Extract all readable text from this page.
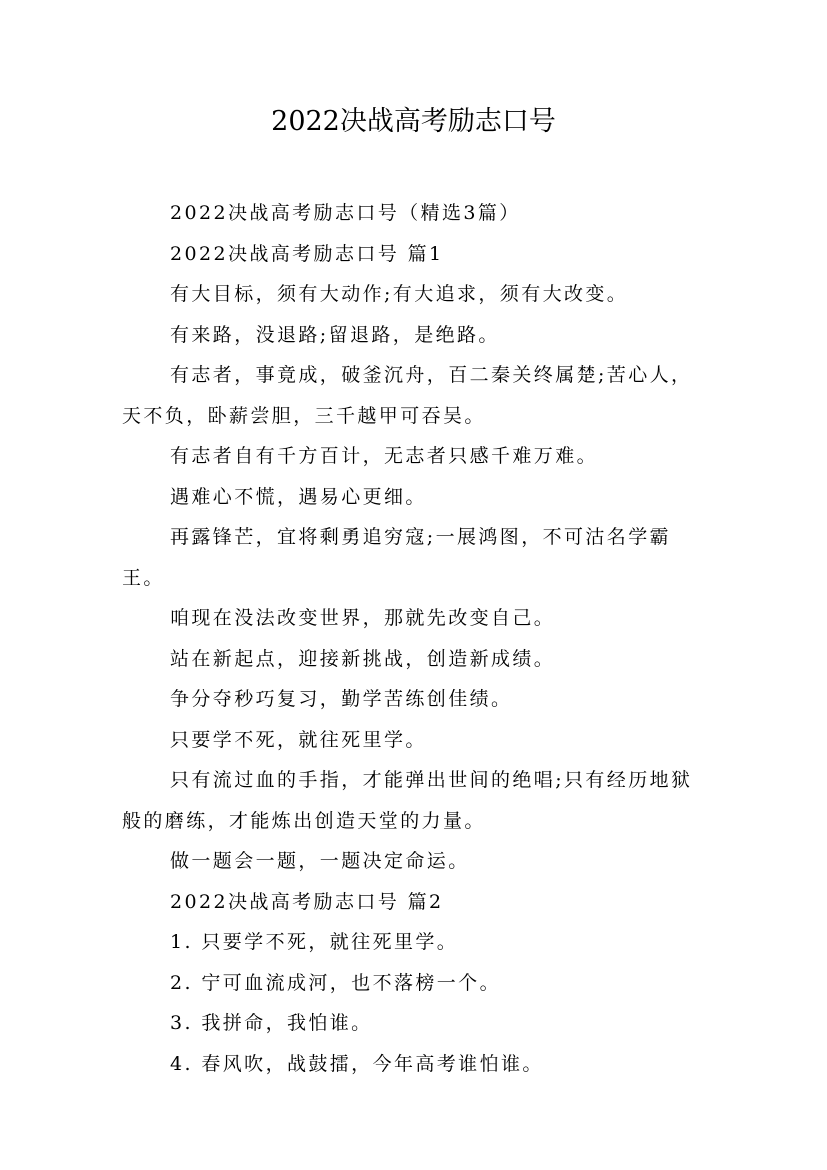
2022决战高考励志口号

2022决战高考励志口号（精选3篇）

2022决战高考励志口号 篇1

有大目标，须有大动作;有大追求，须有大改变。

有来路，没退路;留退路，是绝路。

有志者，事竟成，破釜沉舟，百二秦关终属楚;苦心人，天不负，卧薪尝胆，三千越甲可吞吴。

有志者自有千方百计，无志者只感千难万难。

遇难心不慌，遇易心更细。

再露锋芒，宜将剩勇追穷寇;一展鸿图，不可沽名学霸王。

咱现在没法改变世界，那就先改变自己。

站在新起点，迎接新挑战，创造新成绩。

争分夺秒巧复习，勤学苦练创佳绩。

只要学不死，就往死里学。

只有流过血的手指，才能弹出世间的绝唱;只有经历地狱般的磨练，才能炼出创造天堂的力量。

做一题会一题，一题决定命运。

2022决战高考励志口号 篇2

1. 只要学不死，就往死里学。

2. 宁可血流成河，也不落榜一个。

3. 我拼命，我怕谁。

4. 春风吹，战鼓擂，今年高考谁怕谁。
